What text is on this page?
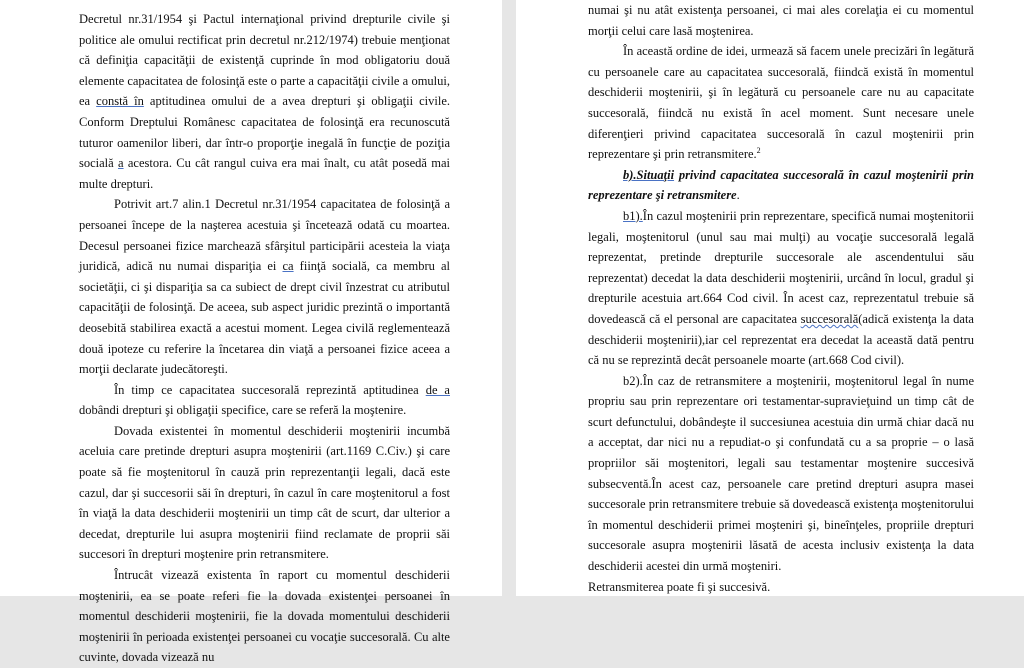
Decretul nr.31/1954 şi Pactul internaţional privind drepturile civile şi politice ale omului rectificat prin decretul nr.212/1974) trebuie menţionat că definiţia capacităţii de existenţă cuprinde în mod obligatoriu două elemente capacitatea de folosinţă este o parte a capacităţii civile a omului, ea constă în aptitudinea omului de a avea drepturi şi obligaţii civile. Conform Dreptului Românesc capacitatea de folosinţă era recunoscută tuturor oamenilor liberi, dar într-o proporţie inegală în funcţie de poziţia socială a acestora. Cu cât rangul cuiva era mai înalt, cu atât posedă mai multe drepturi.

Potrivit art.7 alin.1 Decretul nr.31/1954 capacitatea de folosinţă a persoanei începe de la naşterea acestuia şi încetează odată cu moartea. Decesul persoanei fizice marchează sfârşitul participării acesteia la viaţa juridică, adică nu numai dispariţia ei ca fiinţă socială, ca membru al societăţii, ci şi dispariţia sa ca subiect de drept civil înzestrat cu atributul capacităţii de folosinţă. De aceea, sub aspect juridic prezintă o importantă deosebită stabilirea exactă a acestui moment. Legea civilă reglementează două ipoteze cu referire la încetarea din viaţă a persoanei fizice aceea a morţii declarate judecătoreşti.

În timp ce capacitatea succesorală reprezintă aptitudinea de a dobândi drepturi şi obligaţii specifice, care se referă la moştenire.

Dovada existentei în momentul deschiderii moştenirii incumbă aceluia care pretinde drepturi asupra moştenirii (art.1169 C.Civ.) şi care poate să fie moştenitorul în cauză prin reprezentanţii legali, dacă este cazul, dar şi succesorii săi în drepturi, în cazul în care moştenitorul a fost în viaţă la data deschiderii moştenirii un timp cât de scurt, dar ulterior a decedat, drepturile lui asupra moştenirii fiind reclamate de proprii săi succesori în drepturi moştenire prin retransmitere.

Întrucât vizează existenta în raport cu momentul deschiderii moştenirii, ea se poate referi fie la dovada existenţei persoanei în momentul deschiderii moştenirii, fie la dovada momentului deschiderii moştenirii în perioada existenţei persoanei cu vocaţie succesorală. Cu alte cuvinte, dovada vizează nu

numai şi nu atât existenţa persoanei, ci mai ales corelaţia ei cu momentul morţii celui care lasă moştenirea.

În această ordine de idei, urmează să facem unele precizări în legătură cu persoanele care au capacitatea succesorală, fiindcă există în momentul deschiderii moştenirii, şi în legătură cu persoanele care nu au capacitate succesorală, fiindcă nu există în acel moment. Sunt necesare unele diferenţieri privind capacitatea succesorală în cazul moştenirii prin reprezentare şi prin retransmitere.$^2$

b).Situaţii privind capacitatea succesorală în cazul moştenirii prin reprezentare şi retransmitere.

b1).În cazul moştenirii prin reprezentare, specifică numai moştenitorii legali, moştenitorul (unul sau mai mulţi) au vocaţie succesorală legală reprezentat, pretinde drepturile succesorale ale ascendentului său reprezentat) decedat la data deschiderii moştenirii, urcând în locul, gradul şi drepturile acestuia art.664 Cod civil. În acest caz, reprezentatul trebuie să dovedească că el personal are capacitatea succesorală(adică existenţa la data deschiderii moştenirii),iar cel reprezentat era decedat la această dată pentru că nu se reprezintă decât persoanele moarte (art.668 Cod civil).

b2).În caz de retransmitere a moştenirii, moştenitorul legal în nume propriu sau prin reprezentare ori testamentar-supravieţuind un timp cât de scurt defunctului, dobândeşte il succesiunea acestuia din urmă chiar dacă nu a acceptat, dar nici nu a repudiat-o şi confundată cu a sa proprie – o lasă propriilor săi moştenitori, legali sau testamentar moştenire succesivă subsecventă.În acest caz, persoanele care pretind drepturi asupra masei succesorale prin retransmitere trebuie să dovedească existenţa moştenitorului în momentul deschiderii primei moşteniri şi, bineînţeles, propriile drepturi succesorale asupra moştenirii lăsată de acesta inclusiv existenţa la data deschiderii acestei din urmă moşteniri.

Retransmiterea poate fi şi succesivă.
